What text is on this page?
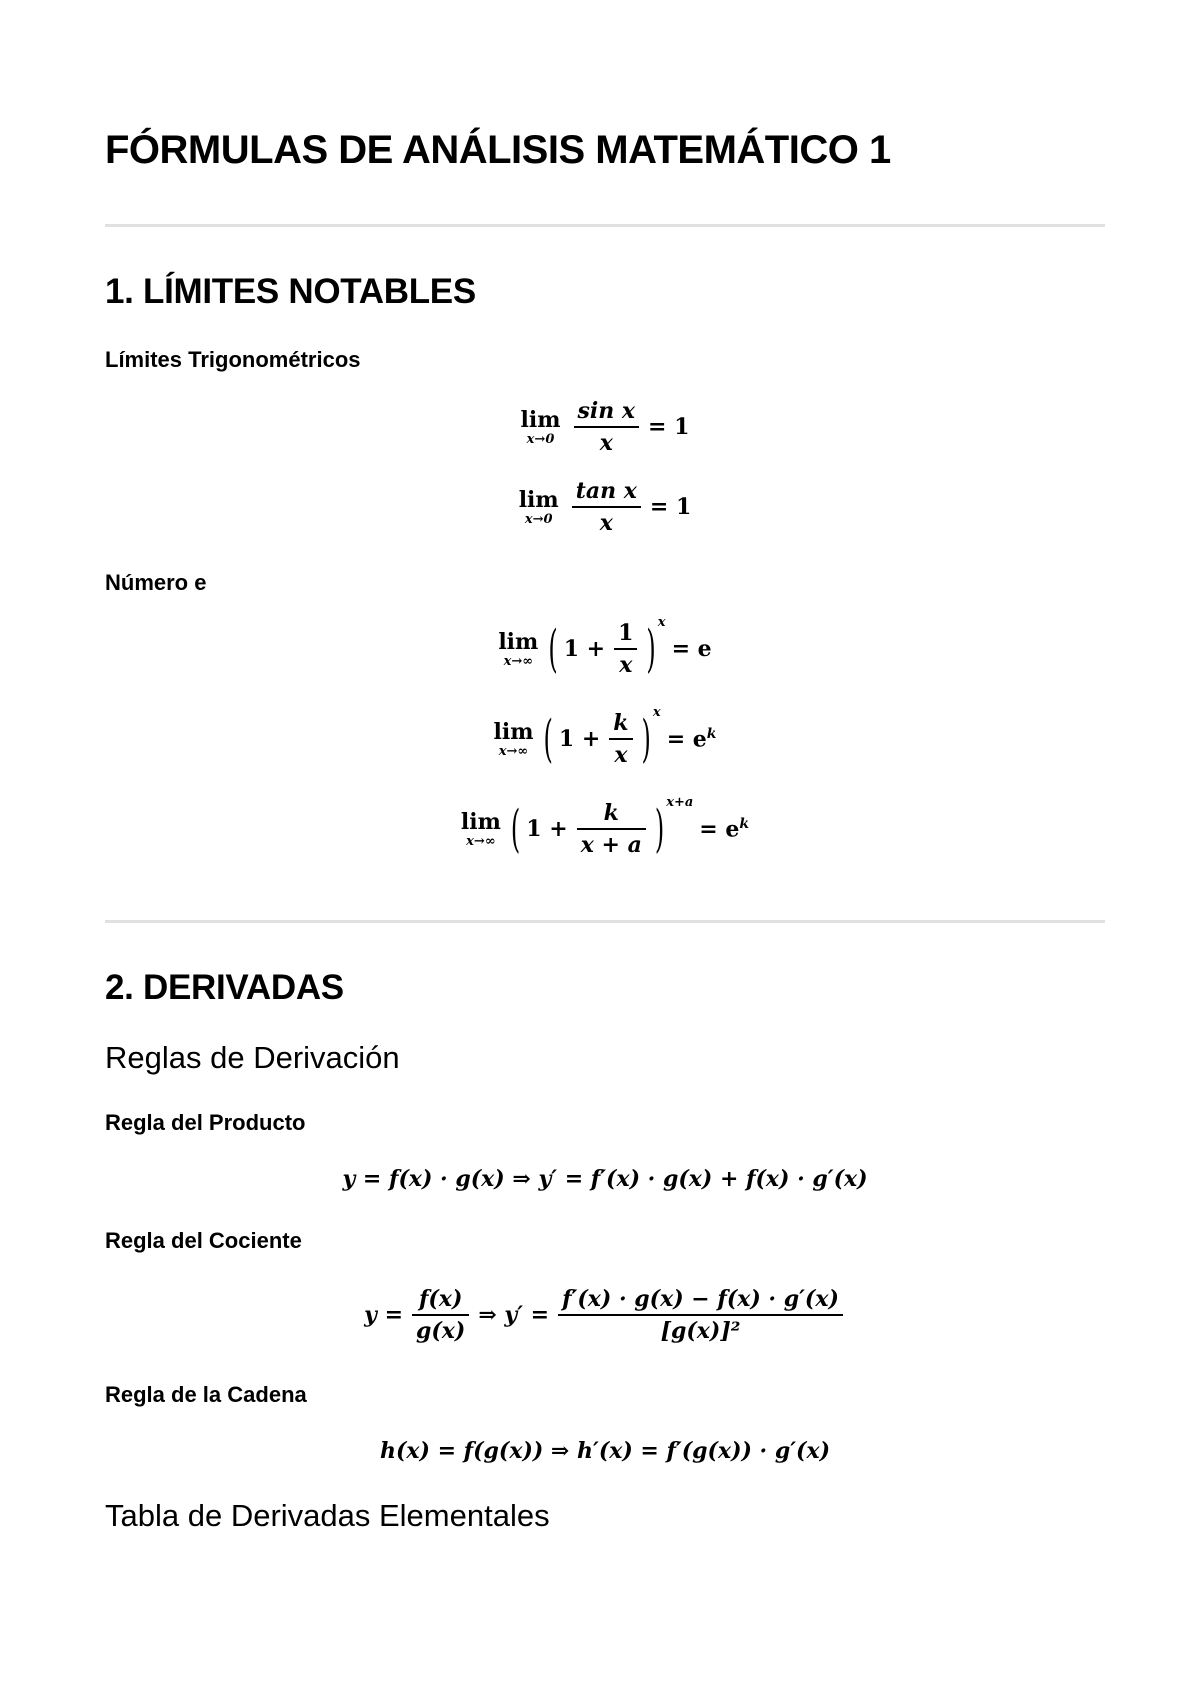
FÓRMULAS DE ANÁLISIS MATEMÁTICO 1
1. LÍMITES NOTABLES
Límites Trigonométricos
lim
$x\to 0 \frac{\text{sin x}}{x} = 1$
lim
$x\to 0 \frac{\text{tan x}}{x} = 1$
Número e
lim
x→∞ ( $1 + \frac{1}{x}$ ) x
= e
lim
x→∞ ( $1 + \frac{k}{x}$ ) x
= $e^k$
lim
x→∞ ( $1 + \frac{k}{x + a}$ ) x+a
= $e^k$
2. DERIVADAS
Reglas de Derivación
Regla del Producto
y = f(x) · g(x) ⇒ y′ = f′(x) · g(x) + f(x) · g′(x)
Regla del Cociente
$y = \frac{f(x)}{g(x)}$ ⇒ $y' = \frac{f'(x) \cdot g(x) - f(x) \cdot g'(x)}{\text{[g(x)]²}}$
Regla de la Cadena
h(x) = f(g(x)) ⇒ h′(x) = f′(g(x)) · g′(x)
Tabla de Derivadas Elementales
